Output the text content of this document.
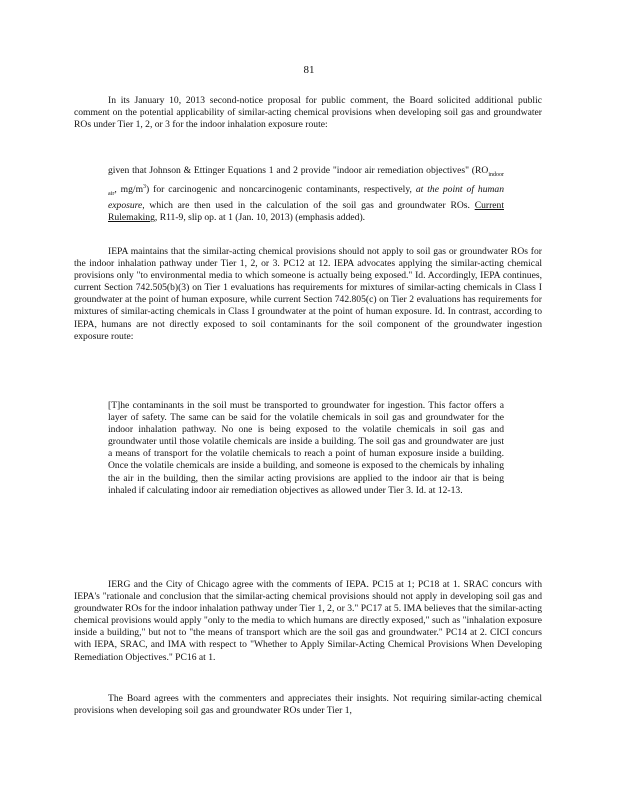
81
In its January 10, 2013 second-notice proposal for public comment, the Board solicited additional public comment on the potential applicability of similar-acting chemical provisions when developing soil gas and groundwater ROs under Tier 1, 2, or 3 for the indoor inhalation exposure route:
given that Johnson & Ettinger Equations 1 and 2 provide "indoor air remediation objectives" ($RO_{indoor air}$, $mg/m^3$) for carcinogenic and noncarcinogenic contaminants, respectively, at the point of human exposure, which are then used in the calculation of the soil gas and groundwater ROs. Current Rulemaking, R11-9, slip op. at 1 (Jan. 10, 2013) (emphasis added).
IEPA maintains that the similar-acting chemical provisions should not apply to soil gas or groundwater ROs for the indoor inhalation pathway under Tier 1, 2, or 3. PC12 at 12. IEPA advocates applying the similar-acting chemical provisions only "to environmental media to which someone is actually being exposed." Id. Accordingly, IEPA continues, current Section 742.505(b)(3) on Tier 1 evaluations has requirements for mixtures of similar-acting chemicals in Class I groundwater at the point of human exposure, while current Section 742.805(c) on Tier 2 evaluations has requirements for mixtures of similar-acting chemicals in Class I groundwater at the point of human exposure. Id. In contrast, according to IEPA, humans are not directly exposed to soil contaminants for the soil component of the groundwater ingestion exposure route:
[T]he contaminants in the soil must be transported to groundwater for ingestion. This factor offers a layer of safety. The same can be said for the volatile chemicals in soil gas and groundwater for the indoor inhalation pathway. No one is being exposed to the volatile chemicals in soil gas and groundwater until those volatile chemicals are inside a building. The soil gas and groundwater are just a means of transport for the volatile chemicals to reach a point of human exposure inside a building. Once the volatile chemicals are inside a building, and someone is exposed to the chemicals by inhaling the air in the building, then the similar acting provisions are applied to the indoor air that is being inhaled if calculating indoor air remediation objectives as allowed under Tier 3. Id. at 12-13.
IERG and the City of Chicago agree with the comments of IEPA. PC15 at 1; PC18 at 1. SRAC concurs with IEPA's "rationale and conclusion that the similar-acting chemical provisions should not apply in developing soil gas and groundwater ROs for the indoor inhalation pathway under Tier 1, 2, or 3." PC17 at 5. IMA believes that the similar-acting chemical provisions would apply "only to the media to which humans are directly exposed," such as "inhalation exposure inside a building," but not to "the means of transport which are the soil gas and groundwater." PC14 at 2. CICI concurs with IEPA, SRAC, and IMA with respect to "Whether to Apply Similar-Acting Chemical Provisions When Developing Remediation Objectives." PC16 at 1.
The Board agrees with the commenters and appreciates their insights. Not requiring similar-acting chemical provisions when developing soil gas and groundwater ROs under Tier 1,
